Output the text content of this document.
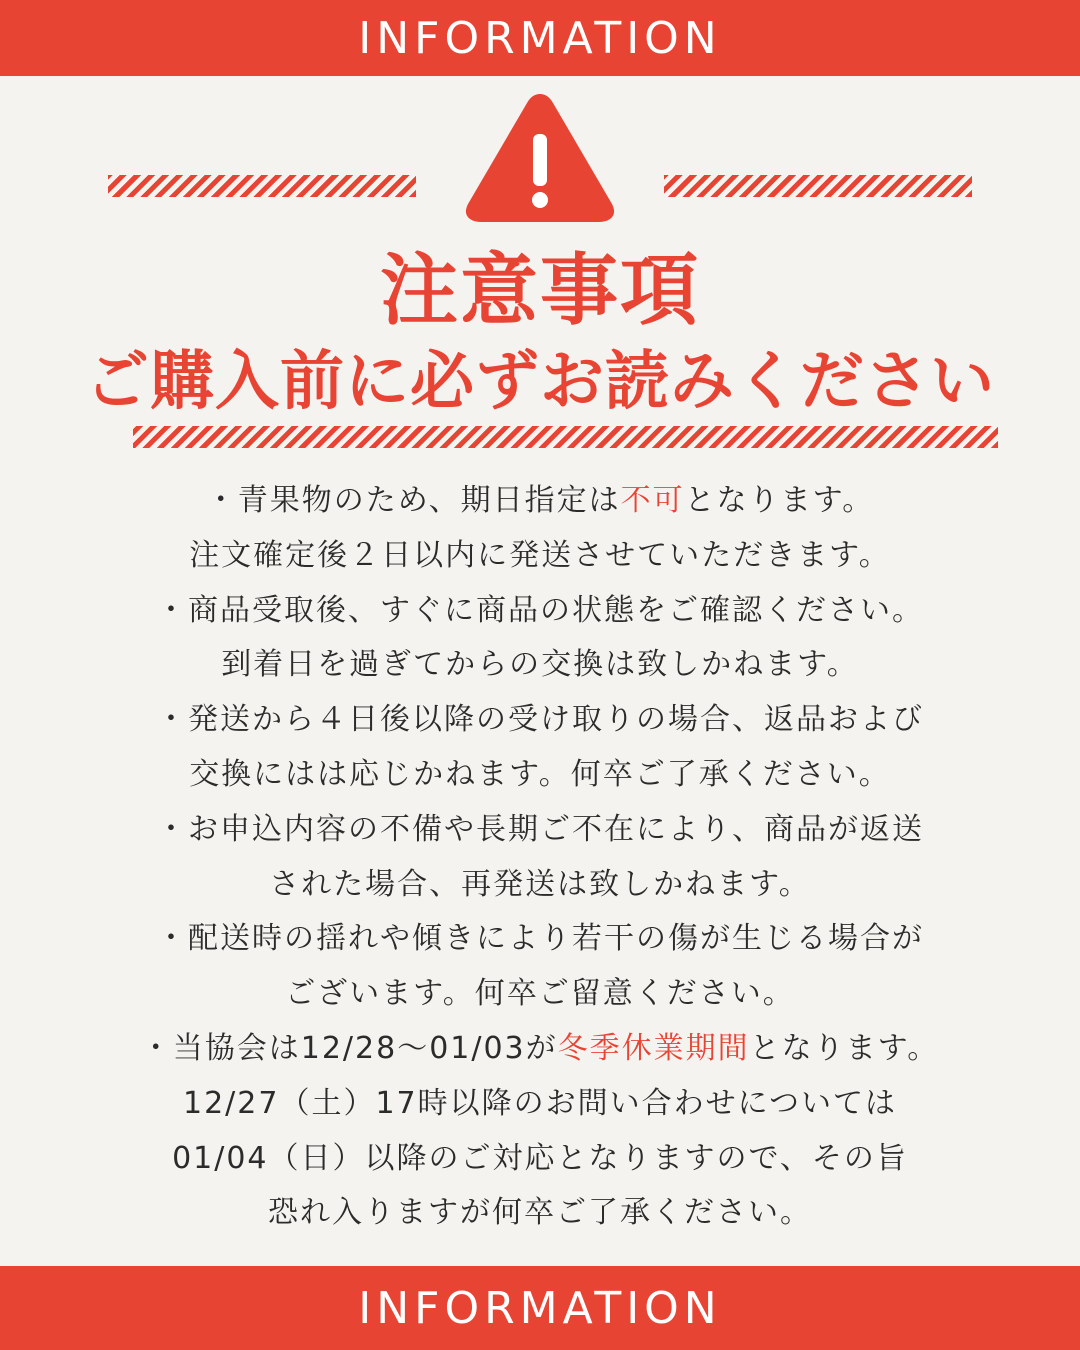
INFORMATION
注意事項
ご購入前に必ずお読みください
・青果物のため、期日指定は不可となります。
注文確定後２日以内に発送させていただきます。
・商品受取後、すぐに商品の状態をご確認ください。
到着日を過ぎてからの交換は致しかねます。
・発送から４日後以降の受け取りの場合、返品および
交換にはは応じかねます。何卒ご了承ください。
・お申込内容の不備や長期ご不在により、商品が返送
された場合、再発送は致しかねます。
・配送時の揺れや傾きにより若干の傷が生じる場合が
ございます。何卒ご留意ください。
・当協会は12/28〜01/03が冬季休業期間となります。
12/27（土）17時以降のお問い合わせについては
01/04（日）以降のご対応となりますので、その旨
恐れ入りますが何卒ご了承ください。
INFORMATION
